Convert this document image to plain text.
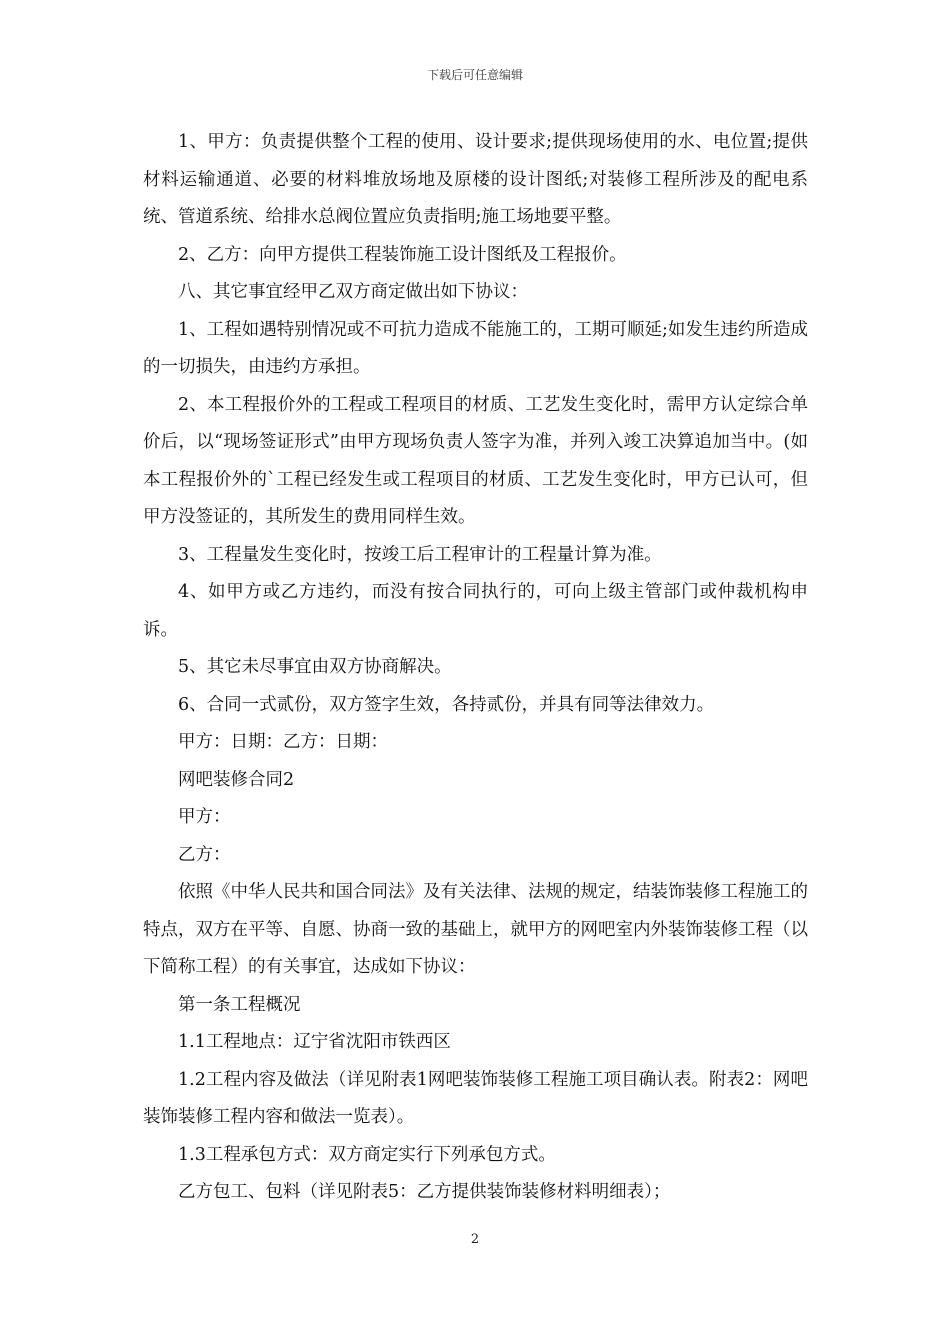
下载后可任意编辑

1、甲方：负责提供整个工程的使用、设计要求;提供现场使用的水、电位置;提供材料运输通道、必要的材料堆放场地及原楼的设计图纸;对装修工程所涉及的配电系统、管道系统、给排水总阀位置应负责指明;施工场地要平整。

2、乙方：向甲方提供工程装饰施工设计图纸及工程报价。

八、其它事宜经甲乙双方商定做出如下协议：

1、工程如遇特别情况或不可抗力造成不能施工的，工期可顺延;如发生违约所造成的一切损失，由违约方承担。

2、本工程报价外的工程或工程项目的材质、工艺发生变化时，需甲方认定综合单价后，以“现场签证形式”由甲方现场负责人签字为准，并列入竣工决算追加当中。(如本工程报价外的`工程已经发生或工程项目的材质、工艺发生变化时，甲方已认可，但甲方没签证的，其所发生的费用同样生效。

3、工程量发生变化时，按竣工后工程审计的工程量计算为准。

4、如甲方或乙方违约，而没有按合同执行的，可向上级主管部门或仲裁机构申诉。

5、其它未尽事宜由双方协商解决。

6、合同一式贰份，双方签字生效，各持贰份，并具有同等法律效力。

甲方：日期：乙方：日期：

网吧装修合同2

甲方：

乙方：

依照《中华人民共和国合同法》及有关法律、法规的规定，结装饰装修工程施工的特点，双方在平等、自愿、协商一致的基础上，就甲方的网吧室内外装饰装修工程（以下简称工程）的有关事宜，达成如下协议：

第一条工程概况

1.1工程地点：辽宁省沈阳市铁西区

1.2工程内容及做法（详见附表1网吧装饰装修工程施工项目确认表。附表2：网吧装饰装修工程内容和做法一览表）。

1.3工程承包方式：双方商定实行下列承包方式。

乙方包工、包料（详见附表5：乙方提供装饰装修材料明细表）；

2
